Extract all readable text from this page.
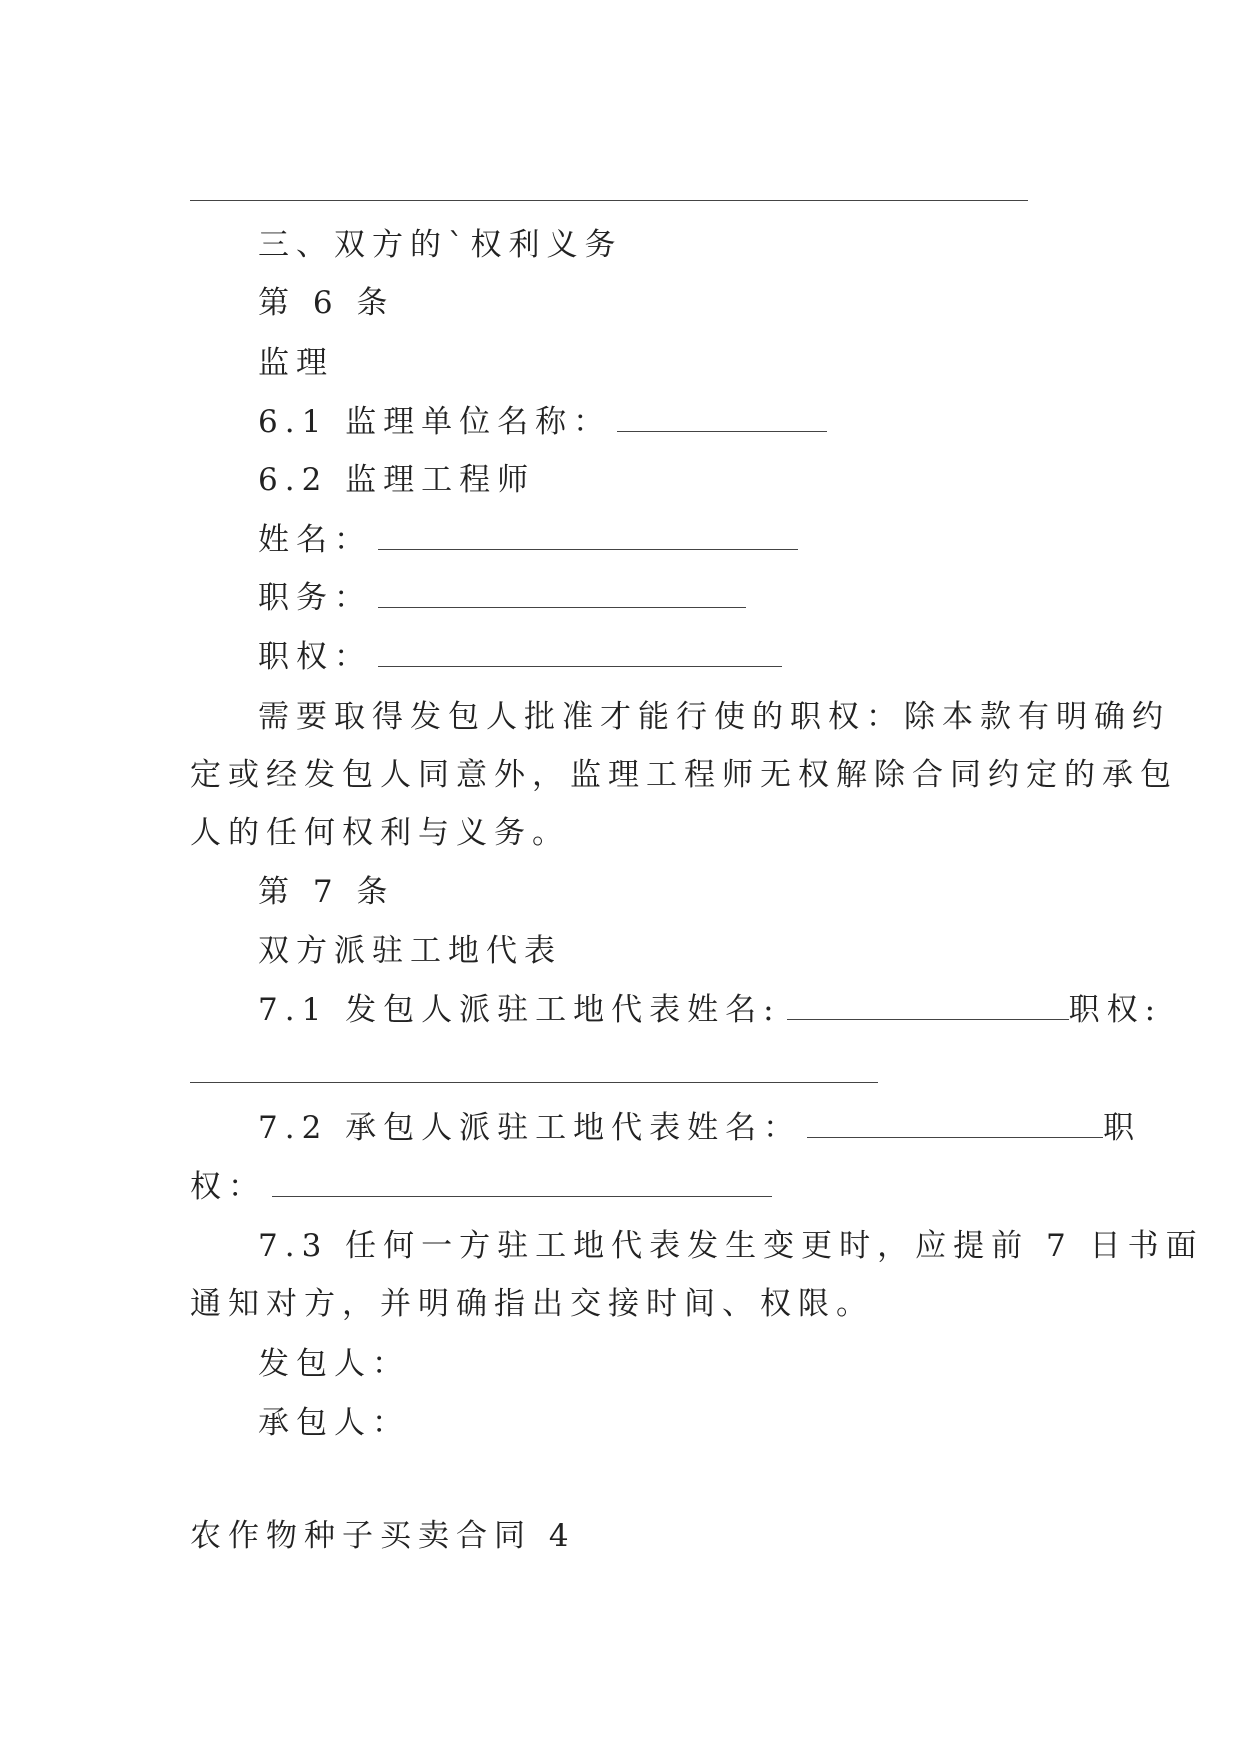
三、双方的`权利义务
第 6 条
监理
6.1 监理单位名称：
6.2 监理工程师
姓名：
职务：
职权：
需要取得发包人批准才能行使的职权：除本款有明确约
定或经发包人同意外，监理工程师无权解除合同约定的承包
人的任何权利与义务。
第 7 条
双方派驻工地代表
7.1 发包人派驻工地代表姓名:	职权:
7.2 承包人派驻工地代表姓名：	职
权：
7.3 任何一方驻工地代表发生变更时，应提前 7 日书面
通知对方，并明确指出交接时间、权限。
发包人：
承包人：
农作物种子买卖合同 4
